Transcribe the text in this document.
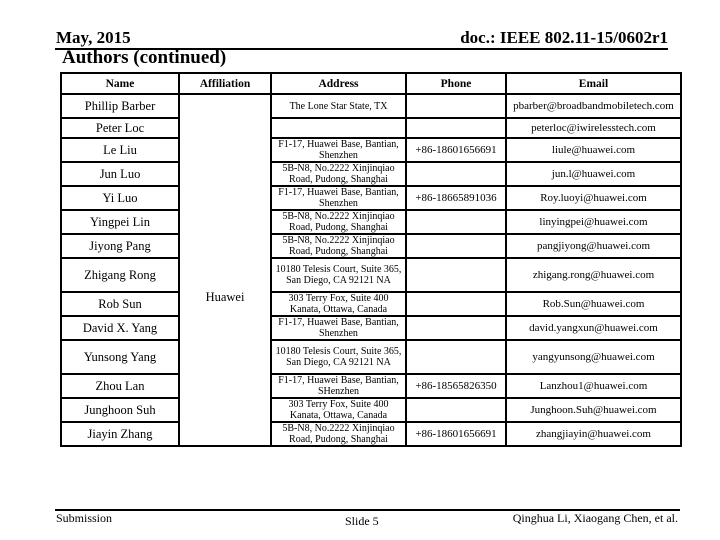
May, 2015	doc.: IEEE 802.11-15/0602r1
Authors (continued)
Name	Affiliation	Address	Phone	Email
Phillip Barber	Huawei	The Lone Star State, TX		pbarber@broadbandmobiletech.com
Peter Loc				peterloc@iwirelesstech.com
Le Liu		F1-17, Huawei Base, Bantian, Shenzhen	+86-18601656691	liule@huawei.com
Jun Luo		5B-N8, No.2222 Xinjinqiao Road, Pudong, Shanghai		jun.l@huawei.com
Yi Luo		F1-17, Huawei Base, Bantian, Shenzhen	+86-18665891036	Roy.luoyi@huawei.com
Yingpei Lin		5B-N8, No.2222 Xinjinqiao Road, Pudong, Shanghai		linyingpei@huawei.com
Jiyong Pang		5B-N8, No.2222 Xinjinqiao Road, Pudong, Shanghai		pangjiyong@huawei.com
Zhigang Rong		10180 Telesis Court, Suite 365, San Diego, CA 92121 NA		zhigang.rong@huawei.com
Rob Sun		303 Terry Fox, Suite 400 Kanata, Ottawa, Canada		Rob.Sun@huawei.com
David X. Yang		F1-17, Huawei Base, Bantian, Shenzhen		david.yangxun@huawei.com
Yunsong Yang		10180 Telesis Court, Suite 365, San Diego, CA 92121 NA		yangyunsong@huawei.com
Zhou Lan		F1-17, Huawei Base, Bantian, SHenzhen	+86-18565826350	Lanzhou1@huawei.com
Junghoon Suh		303 Terry Fox, Suite 400 Kanata, Ottawa, Canada		Junghoon.Suh@huawei.com
Jiayin Zhang		5B-N8, No.2222 Xinjinqiao Road, Pudong, Shanghai	+86-18601656691	zhangjiayin@huawei.com
Submission	Slide 5	Qinghua Li, Xiaogang Chen, et al.
